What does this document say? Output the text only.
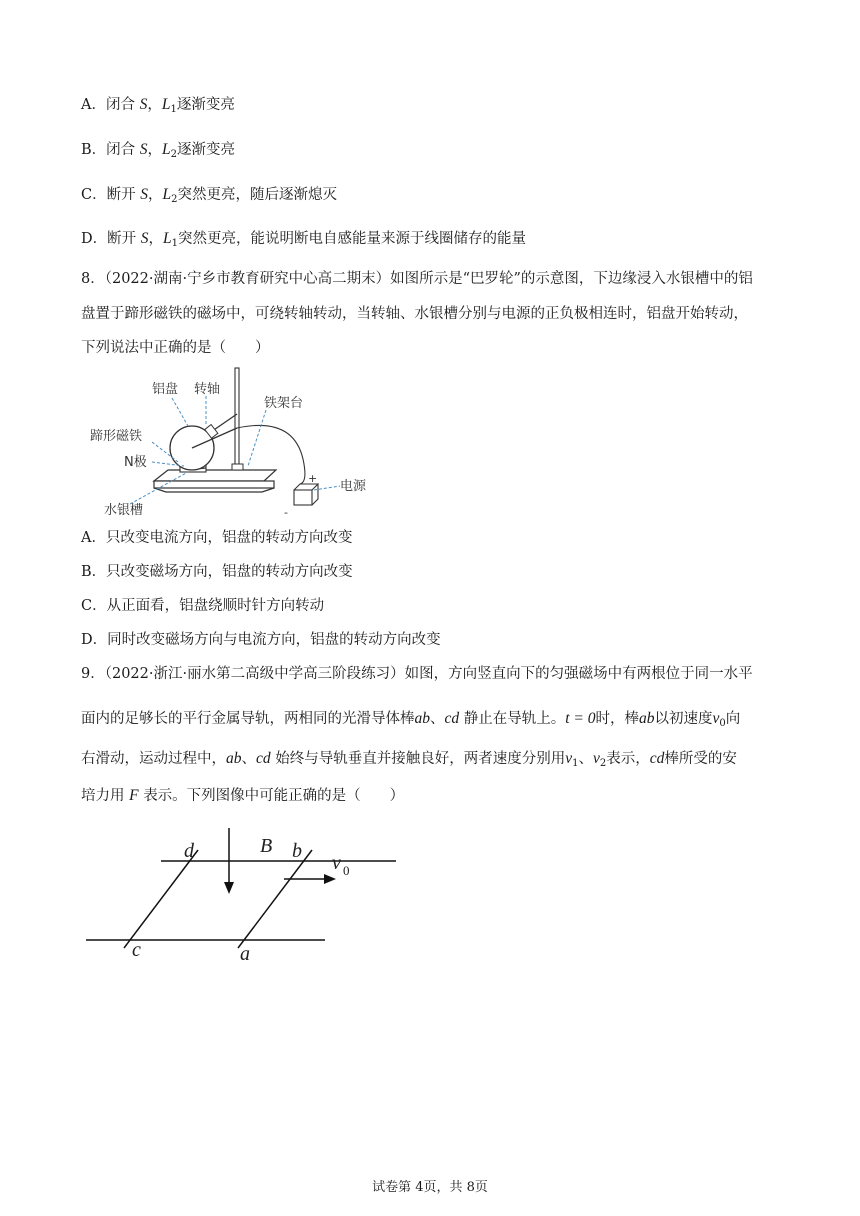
A．闭合 S，$L_1$逐渐变亮
B．闭合 S，$L_2$逐渐变亮
C．断开 S，$L_2$突然更亮，随后逐渐熄灭
D．断开 S，$L_1$突然更亮，能说明断电自感能量来源于线圈储存的能量
8．（2022·湖南·宁乡市教育研究中心高二期末）如图所示是“巴罗轮”的示意图，下边缘浸入水银槽中的铝
盘置于蹄形磁铁的磁场中，可绕转轴转动，当转轴、水银槽分别与电源的正负极相连时，铝盘开始转动，
下列说法中正确的是（　　）
铝盘 转轴
铁架台
蹄形磁铁
N极
电源
水银槽
+
-
A．只改变电流方向，铝盘的转动方向改变
B．只改变磁场方向，铝盘的转动方向改变
C．从正面看，铝盘绕顺时针方向转动
D．同时改变磁场方向与电流方向，铝盘的转动方向改变
9．（2022·浙江·丽水第二高级中学高三阶段练习）如图，方向竖直向下的匀强磁场中有两根位于同一水平
面内的足够长的平行金属导轨，两相同的光滑导体棒ab、cd 静止在导轨上。t = 0时，棒ab以初速度$v_0$向
右滑动，运动过程中，ab、cd 始终与导轨垂直并接触良好，两者速度分别用$v_1$、$v_2$表示，cd棒所受的安
培力用 F 表示。下列图像中可能正确的是（　　）
d	B b
v 0
c	a
试卷第 4页，共 8页
